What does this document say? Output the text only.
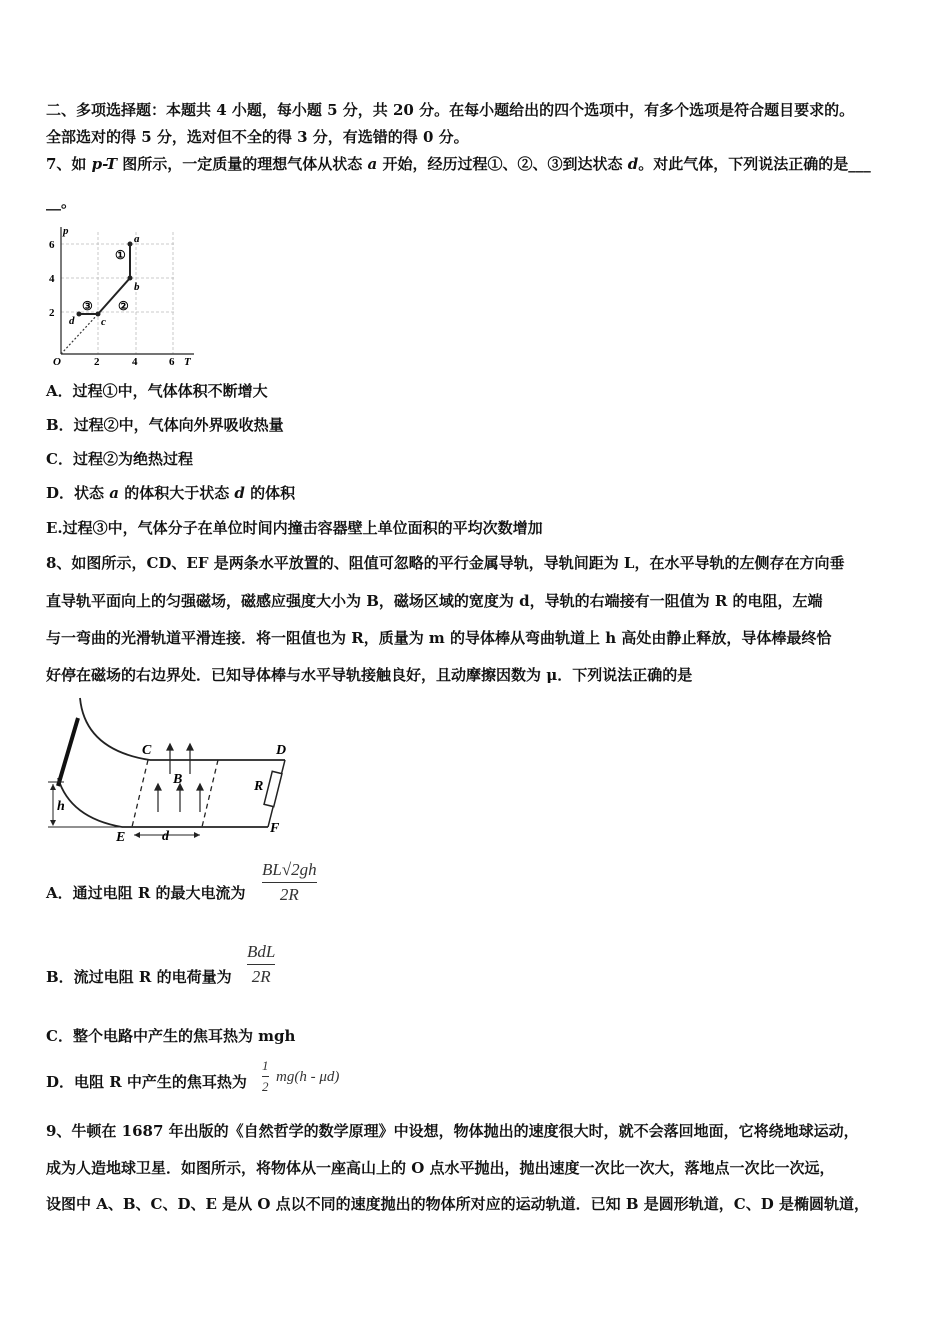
二、多项选择题：本题共 4 小题，每小题 5 分，共 20 分。在每小题给出的四个选项中，有多个选项是符合题目要求的。
全部选对的得 5 分，选对但不全的得 3 分，有选错的得 0 分。
7、如 p-T 图所示，一定质量的理想气体从状态 a 开始，经历过程①、②、③到达状态 d。对此气体，下列说法正确的是___
__。
p
T
O
6
4
2
2	4	6
a
b
c
d
①
②
③
A．过程①中，气体体积不断增大
B．过程②中，气体向外界吸收热量
C．过程②为绝热过程
D．状态 a 的体积大于状态 d 的体积
E.过程③中，气体分子在单位时间内撞击容器壁上单位面积的平均次数增加
8、如图所示，CD、EF 是两条水平放置的、阻值可忽略的平行金属导轨，导轨间距为 L，在水平导轨的左侧存在方向垂
直导轨平面向上的匀强磁场，磁感应强度大小为 B，磁场区域的宽度为 d，导轨的右端接有一阻值为 R 的电阻，左端
与一弯曲的光滑轨道平滑连接．将一阻值也为 R，质量为 m 的导体棒从弯曲轨道上 h 高处由静止释放，导体棒最终恰
好停在磁场的右边界处．已知导体棒与水平导轨接触良好，且动摩擦因数为 μ．下列说法正确的是
C	D
B	R
h
E	d
F
A．通过电阻 R 的最大电流为
BL√2gh
2R
B．流过电阻 R 的电荷量为
BdL
2R
C．整个电路中产生的焦耳热为 mgh
D．电阻 R 中产生的焦耳热为
1
2
mg(h - μd)
9、牛顿在 1687 年出版的《自然哲学的数学原理》中设想，物体抛出的速度很大时，就不会落回地面，它将绕地球运动，
成为人造地球卫星．如图所示，将物体从一座高山上的 O 点水平抛出，抛出速度一次比一次大，落地点一次比一次远，
设图中 A、B、C、D、E 是从 O 点以不同的速度抛出的物体所对应的运动轨道．已知 B 是圆形轨道，C、D 是椭圆轨道，
